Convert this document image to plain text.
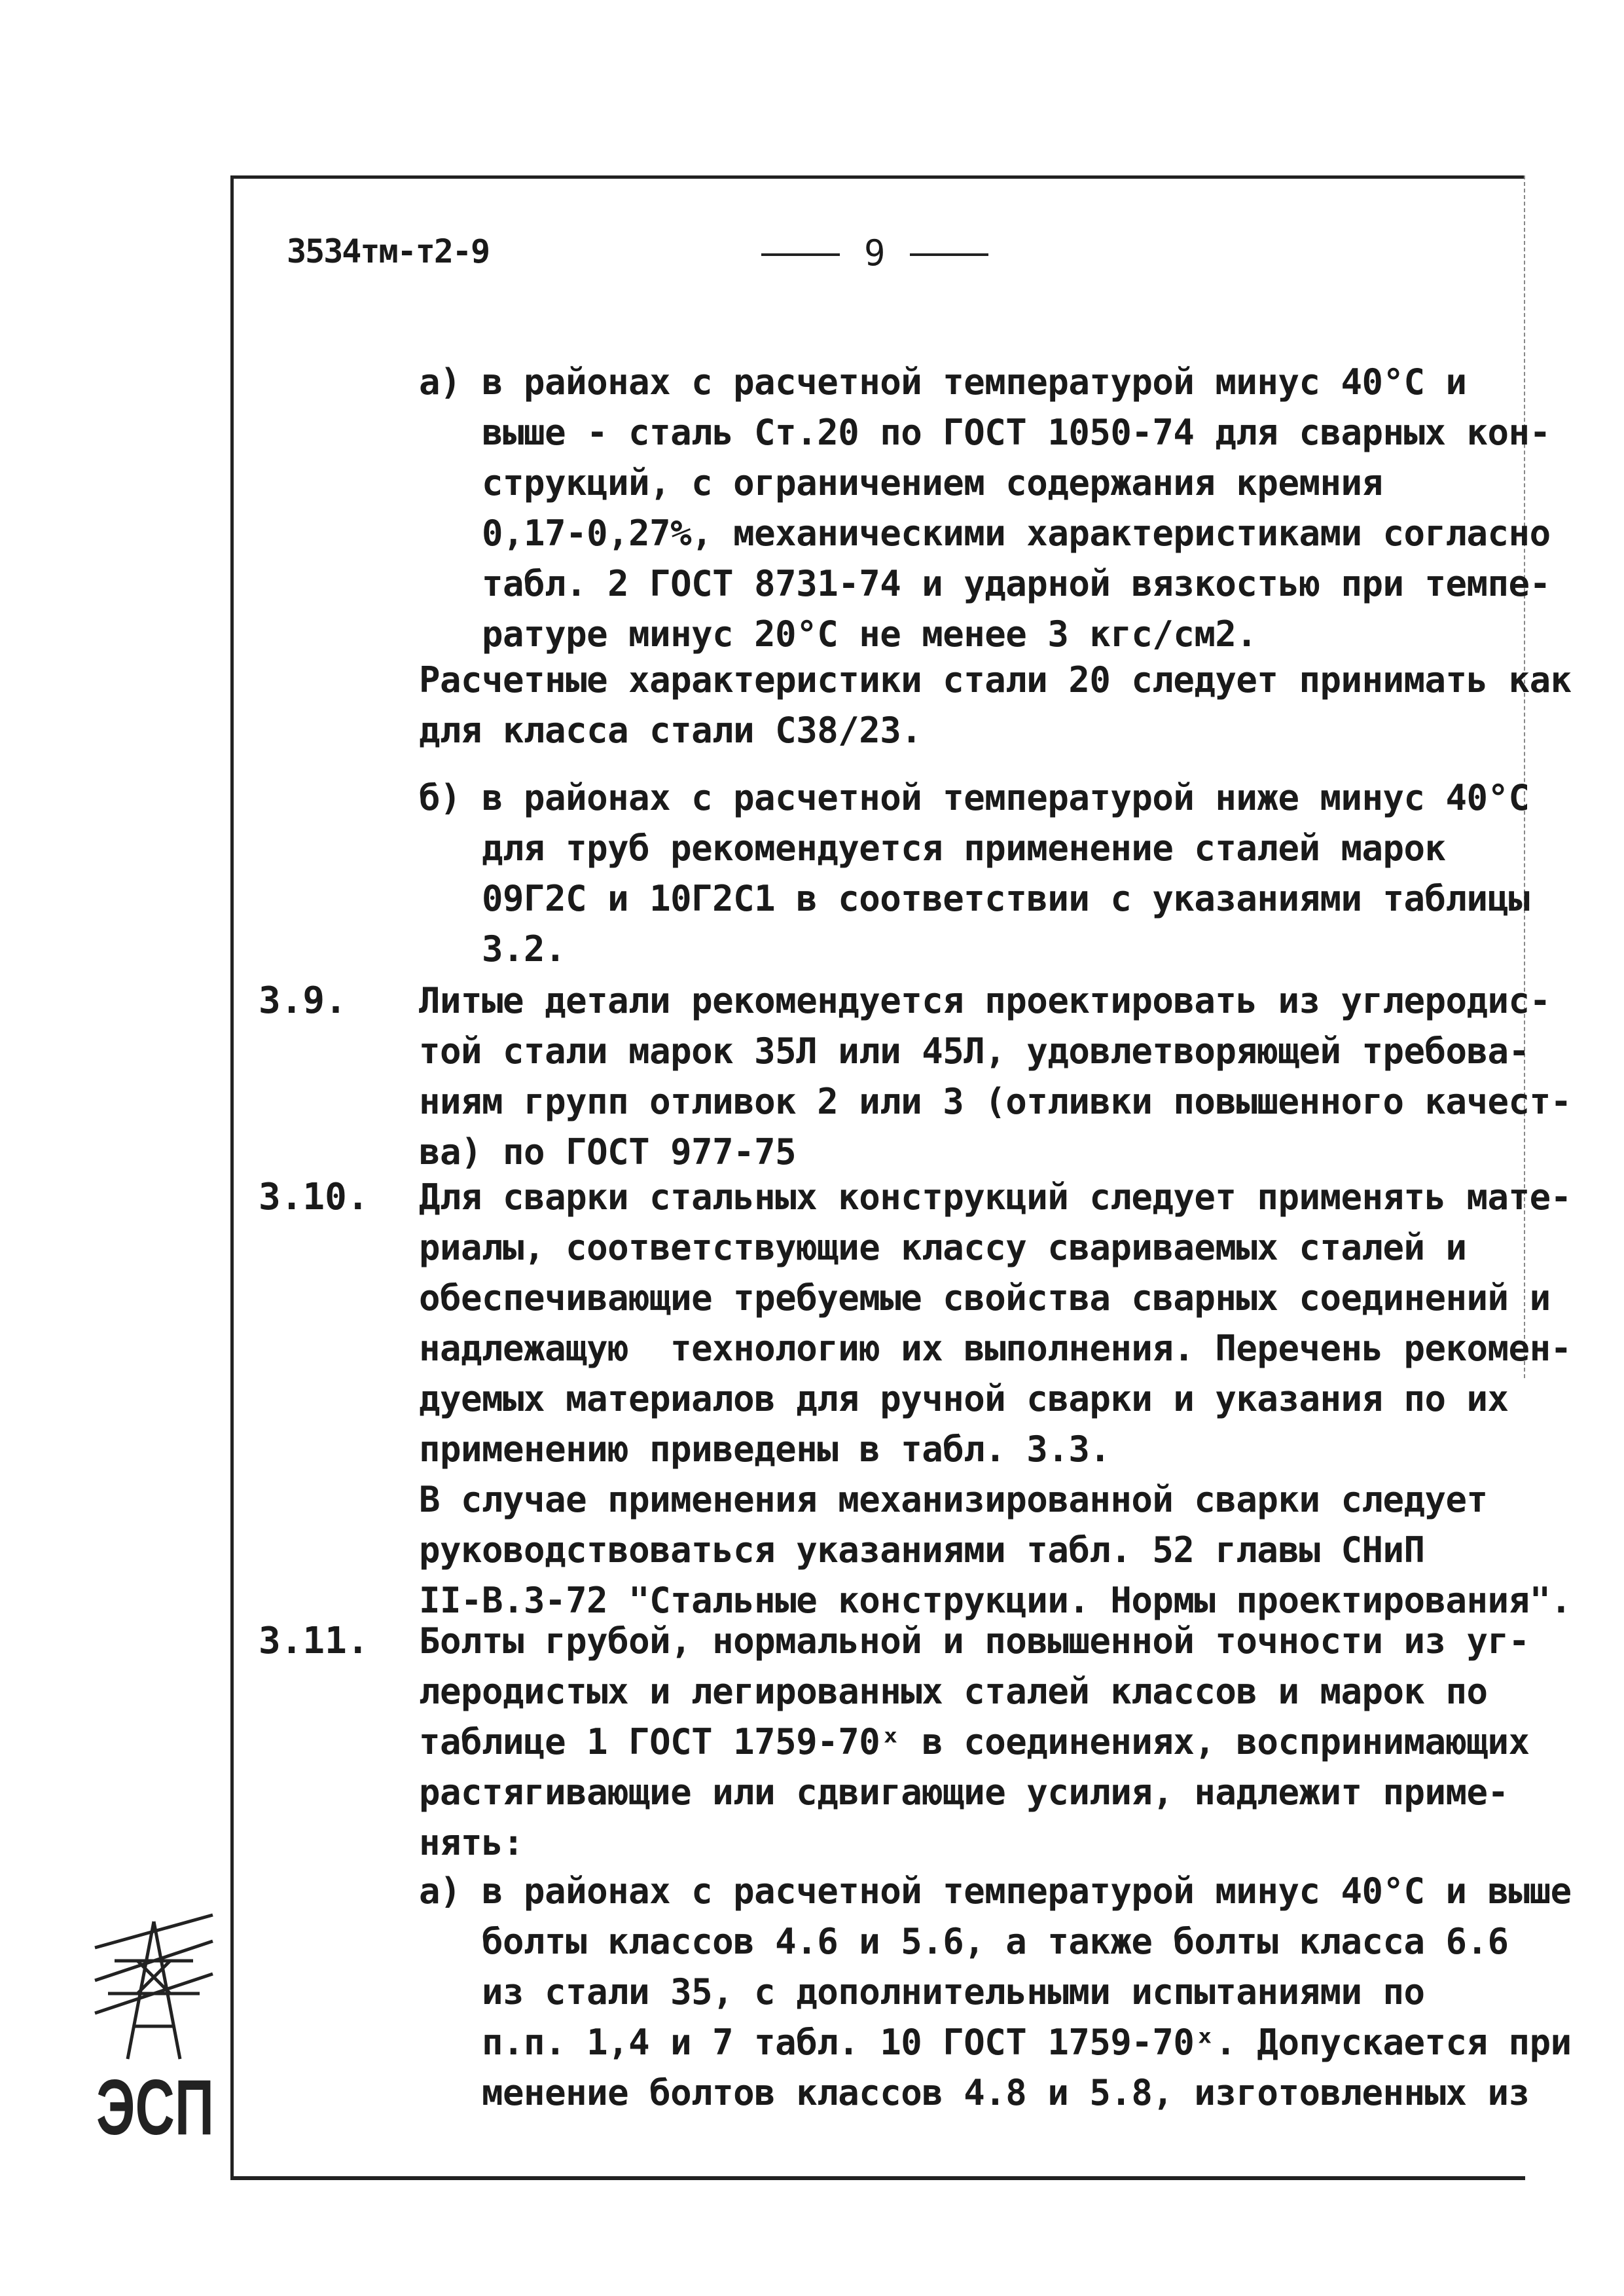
3534тм-т2-9	9
а) в районах с расчетной температурой минус 40°С и
выше - сталь Ст.20 по ГОСТ 1050-74 для сварных кон-
струкций, с ограничением содержания кремния
0,17-0,27%, механическими характеристиками согласно
табл. 2 ГОСТ 8731-74 и ударной вязкостью при темпе-
ратуре минус 20°С не менее 3 кгс/см2.
Расчетные характеристики стали 20 следует принимать как
для класса стали С38/23.
б) в районах с расчетной температурой ниже минус 40°С
для труб рекомендуется применение сталей марок
09Г2С и 10Г2С1 в соответствии с указаниями таблицы
3.2.
3.9. Литые детали рекомендуется проектировать из углеродис-
той стали марок 35Л или 45Л, удовлетворяющей требова-
ниям групп отливок 2 или 3 (отливки повышенного качест-
ва) по ГОСТ 977-75
3.10. Для сварки стальных конструкций следует применять мате-
риалы, соответствующие классу свариваемых сталей и
обеспечивающие требуемые свойства сварных соединений и
надлежащую  технологию их выполнения. Перечень рекомен-
дуемых материалов для ручной сварки и указания по их
применению приведены в табл. 3.3.
В случае применения механизированной сварки следует
руководствоваться указаниями табл. 52 главы СНиП
II-В.3-72 "Стальные конструкции. Нормы проектирования".
3.11. Болты грубой, нормальной и повышенной точности из уг-
леродистых и легированных сталей классов и марок по
таблице 1 ГОСТ 1759-70ˣ в соединениях, воспринимающих
растягивающие или сдвигающие усилия, надлежит приме-
нять:
а) в районах с расчетной температурой минус 40°С и выше
болты классов 4.6 и 5.6, а также болты класса 6.6
из стали 35, с дополнительными испытаниями по
п.п. 1,4 и 7 табл. 10 ГОСТ 1759-70ˣ. Допускается при
менение болтов классов 4.8 и 5.8, изготовленных из
ЭСП
